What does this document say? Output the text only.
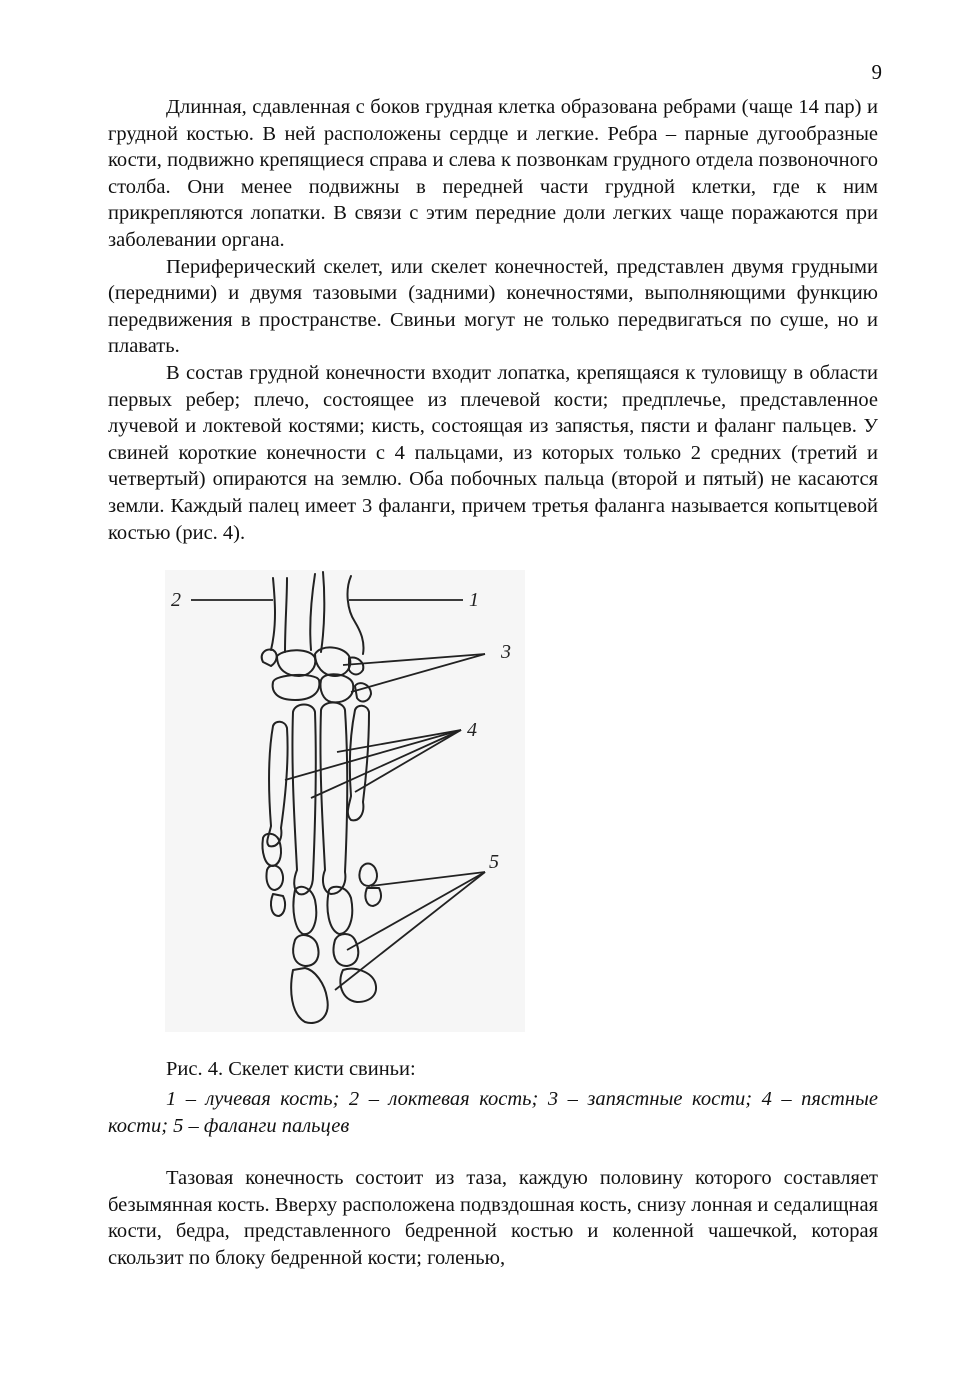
9

Длинная, сдавленная с боков грудная клетка образована ребрами (чаще 14 пар) и грудной костью. В ней расположены сердце и легкие. Ребра – парные дугообразные кости, подвижно крепящиеся справа и слева к позвонкам грудного отдела позвоночного столба. Они менее подвижны в передней части грудной клетки, где к ним прикрепляются лопатки. В связи с этим передние доли легких чаще поражаются при заболевании органа.

Периферический скелет, или скелет конечностей, представлен двумя грудными (передними) и двумя тазовыми (задними) конечностями, выполняющими функцию передвижения в пространстве. Свиньи могут не только передвигаться по суше, но и плавать.

В состав грудной конечности входит лопатка, крепящаяся к туловищу в области первых ребер; плечо, состоящее из плечевой кости; предплечье, представленное лучевой и локтевой костями; кисть, состоящая из запястья, пясти и фаланг пальцев. У свиней короткие конечности с 4 пальцами, из которых только 2 средних (третий и четвертый) опираются на землю. Оба побочных пальца (второй и пятый) не касаются земли. Каждый палец имеет 3 фаланги, причем третья фаланга называется копытцевой костью (рис. 4).

2	1
3
4
5
Рис. 4. Скелет кисти свиньи:

1 – лучевая кость; 2 – локтевая кость; 3 – запястные кости; 4 – пястные кости; 5 – фаланги пальцев

Тазовая конечность состоит из таза, каждую половину которого составляет безымянная кость. Вверху расположена подвздошная кость, снизу лонная и седалищная кости, бедра, представленного бедренной костью и коленной чашечкой, которая скользит по блоку бедренной кости; голенью,
